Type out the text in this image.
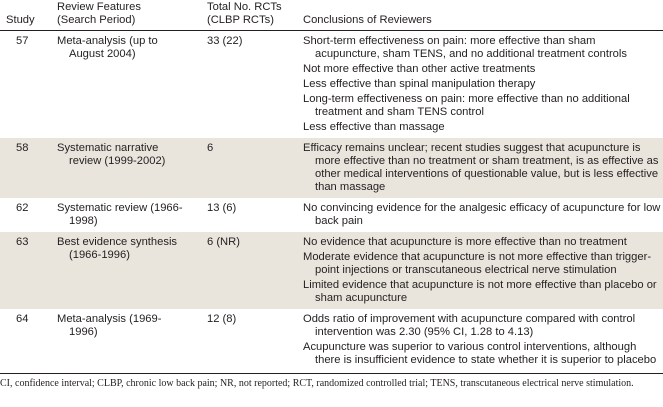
Study	Review Features (Search Period)	Total No. RCTs (CLBP RCTs)	Conclusions of Reviewers
57	Meta-analysis (up to August 2004)	33 (22)	Short-term effectiveness on pain: more effective than sham acupuncture, sham TENS, and no additional treatment controls
Not more effective than other active treatments
Less effective than spinal manipulation therapy
Long-term effectiveness on pain: more effective than no additional treatment and sham TENS control
Less effective than massage

58	Systematic narrative review (1999-2002)	6	Efficacy remains unclear; recent studies suggest that acupuncture is more effective than no treatment or sham treatment, is as effective as other medical interventions of questionable value, but is less effective than massage

62	Systematic review (1966-1998)	13 (6)	No convincing evidence for the analgesic efficacy of acupuncture for low back pain

63	Best evidence synthesis (1966-1996)	6 (NR)	No evidence that acupuncture is more effective than no treatment
Moderate evidence that acupuncture is not more effective than trigger-point injections or transcutaneous electrical nerve stimulation
Limited evidence that acupuncture is not more effective than placebo or sham acupuncture

64	Meta-analysis (1969-1996)	12 (8)	Odds ratio of improvement with acupuncture compared with control intervention was 2.30 (95% CI, 1.28 to 4.13)
Acupuncture was superior to various control interventions, although there is insufficient evidence to state whether it is superior to placebo
CI, confidence interval; CLBP, chronic low back pain; NR, not reported; RCT, randomized controlled trial; TENS, transcutaneous electrical nerve stimulation.
